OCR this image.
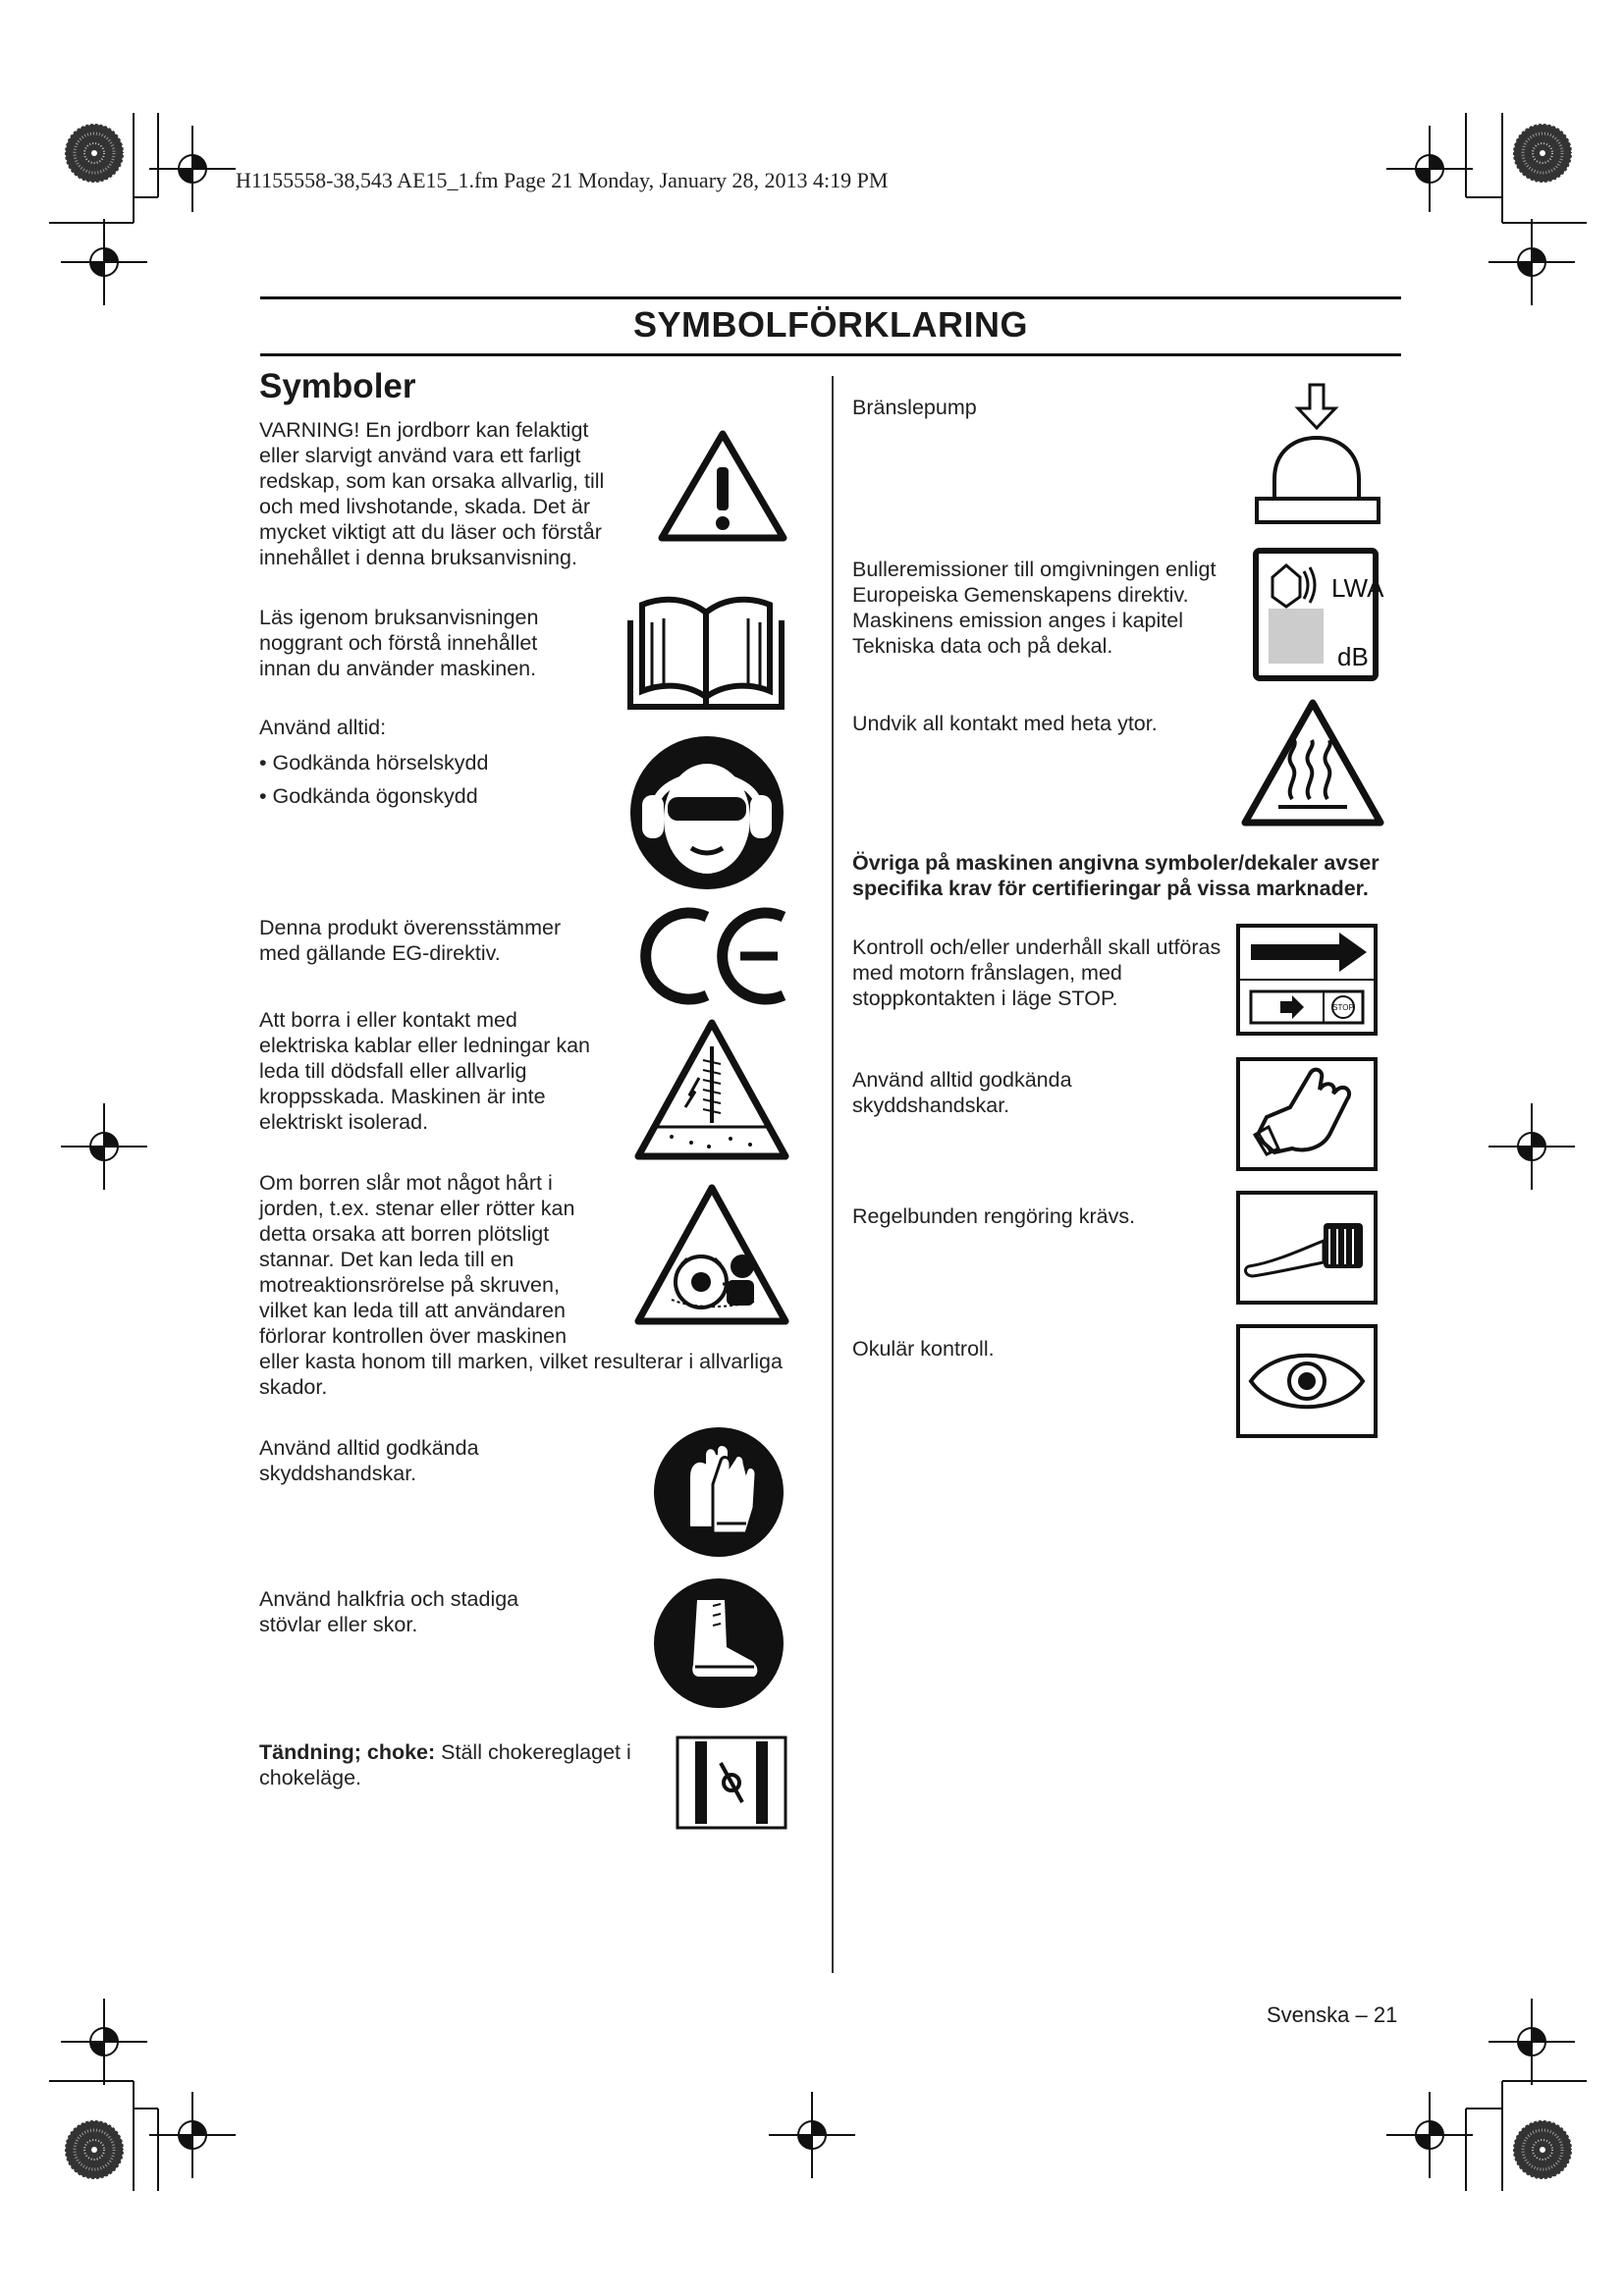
H1155558-38,543 AE15_1.fm Page 21 Monday, January 28, 2013 4:19 PM
SYMBOLFÖRKLARING
Symboler
VARNING! En jordborr kan felaktigt eller slarvigt använd vara ett farligt redskap, som kan orsaka allvarlig, till och med livshotande, skada. Det är mycket viktigt att du läser och förstår innehållet i denna bruksanvisning.
Läs igenom bruksanvisningen noggrant och förstå innehållet innan du använder maskinen.

Använd alltid:

• Godkända hörselskydd

• Godkända ögonskydd

Denna produkt överensstämmer med gällande EG-direktiv.
Att borra i eller kontakt med elektriska kablar eller ledningar kan leda till dödsfall eller allvarlig kroppsskada. Maskinen är inte elektriskt isolerad.
Om borren slår mot något hårt i jorden, t.ex. stenar eller rötter kan detta orsaka att borren plötsligt stannar. Det kan leda till en motreaktionsrörelse på skruven, vilket kan leda till att användaren förlorar kontrollen över maskinen
eller kasta honom till marken, vilket resulterar i allvarliga skador.
Använd alltid godkända skyddshandskar.
Använd halkfria och stadiga stövlar eller skor.
Tändning; choke: Ställ chokereglaget i chokeläge.
Bränslepump
Bulleremissioner till omgivningen enligt Europeiska Gemenskapens direktiv. Maskinens emission anges i kapitel Tekniska data och på dekal.
LWA
dB
Undvik all kontakt med heta ytor.
Övriga på maskinen angivna symboler/dekaler avser specifika krav för certifieringar på vissa marknader.
Kontroll och/eller underhåll skall utföras med motorn frånslagen, med stoppkontakten i läge STOP.	STOP
Använd alltid godkända skyddshandskar.
Regelbunden rengöring krävs.
Okulär kontroll.
Svenska – 21
